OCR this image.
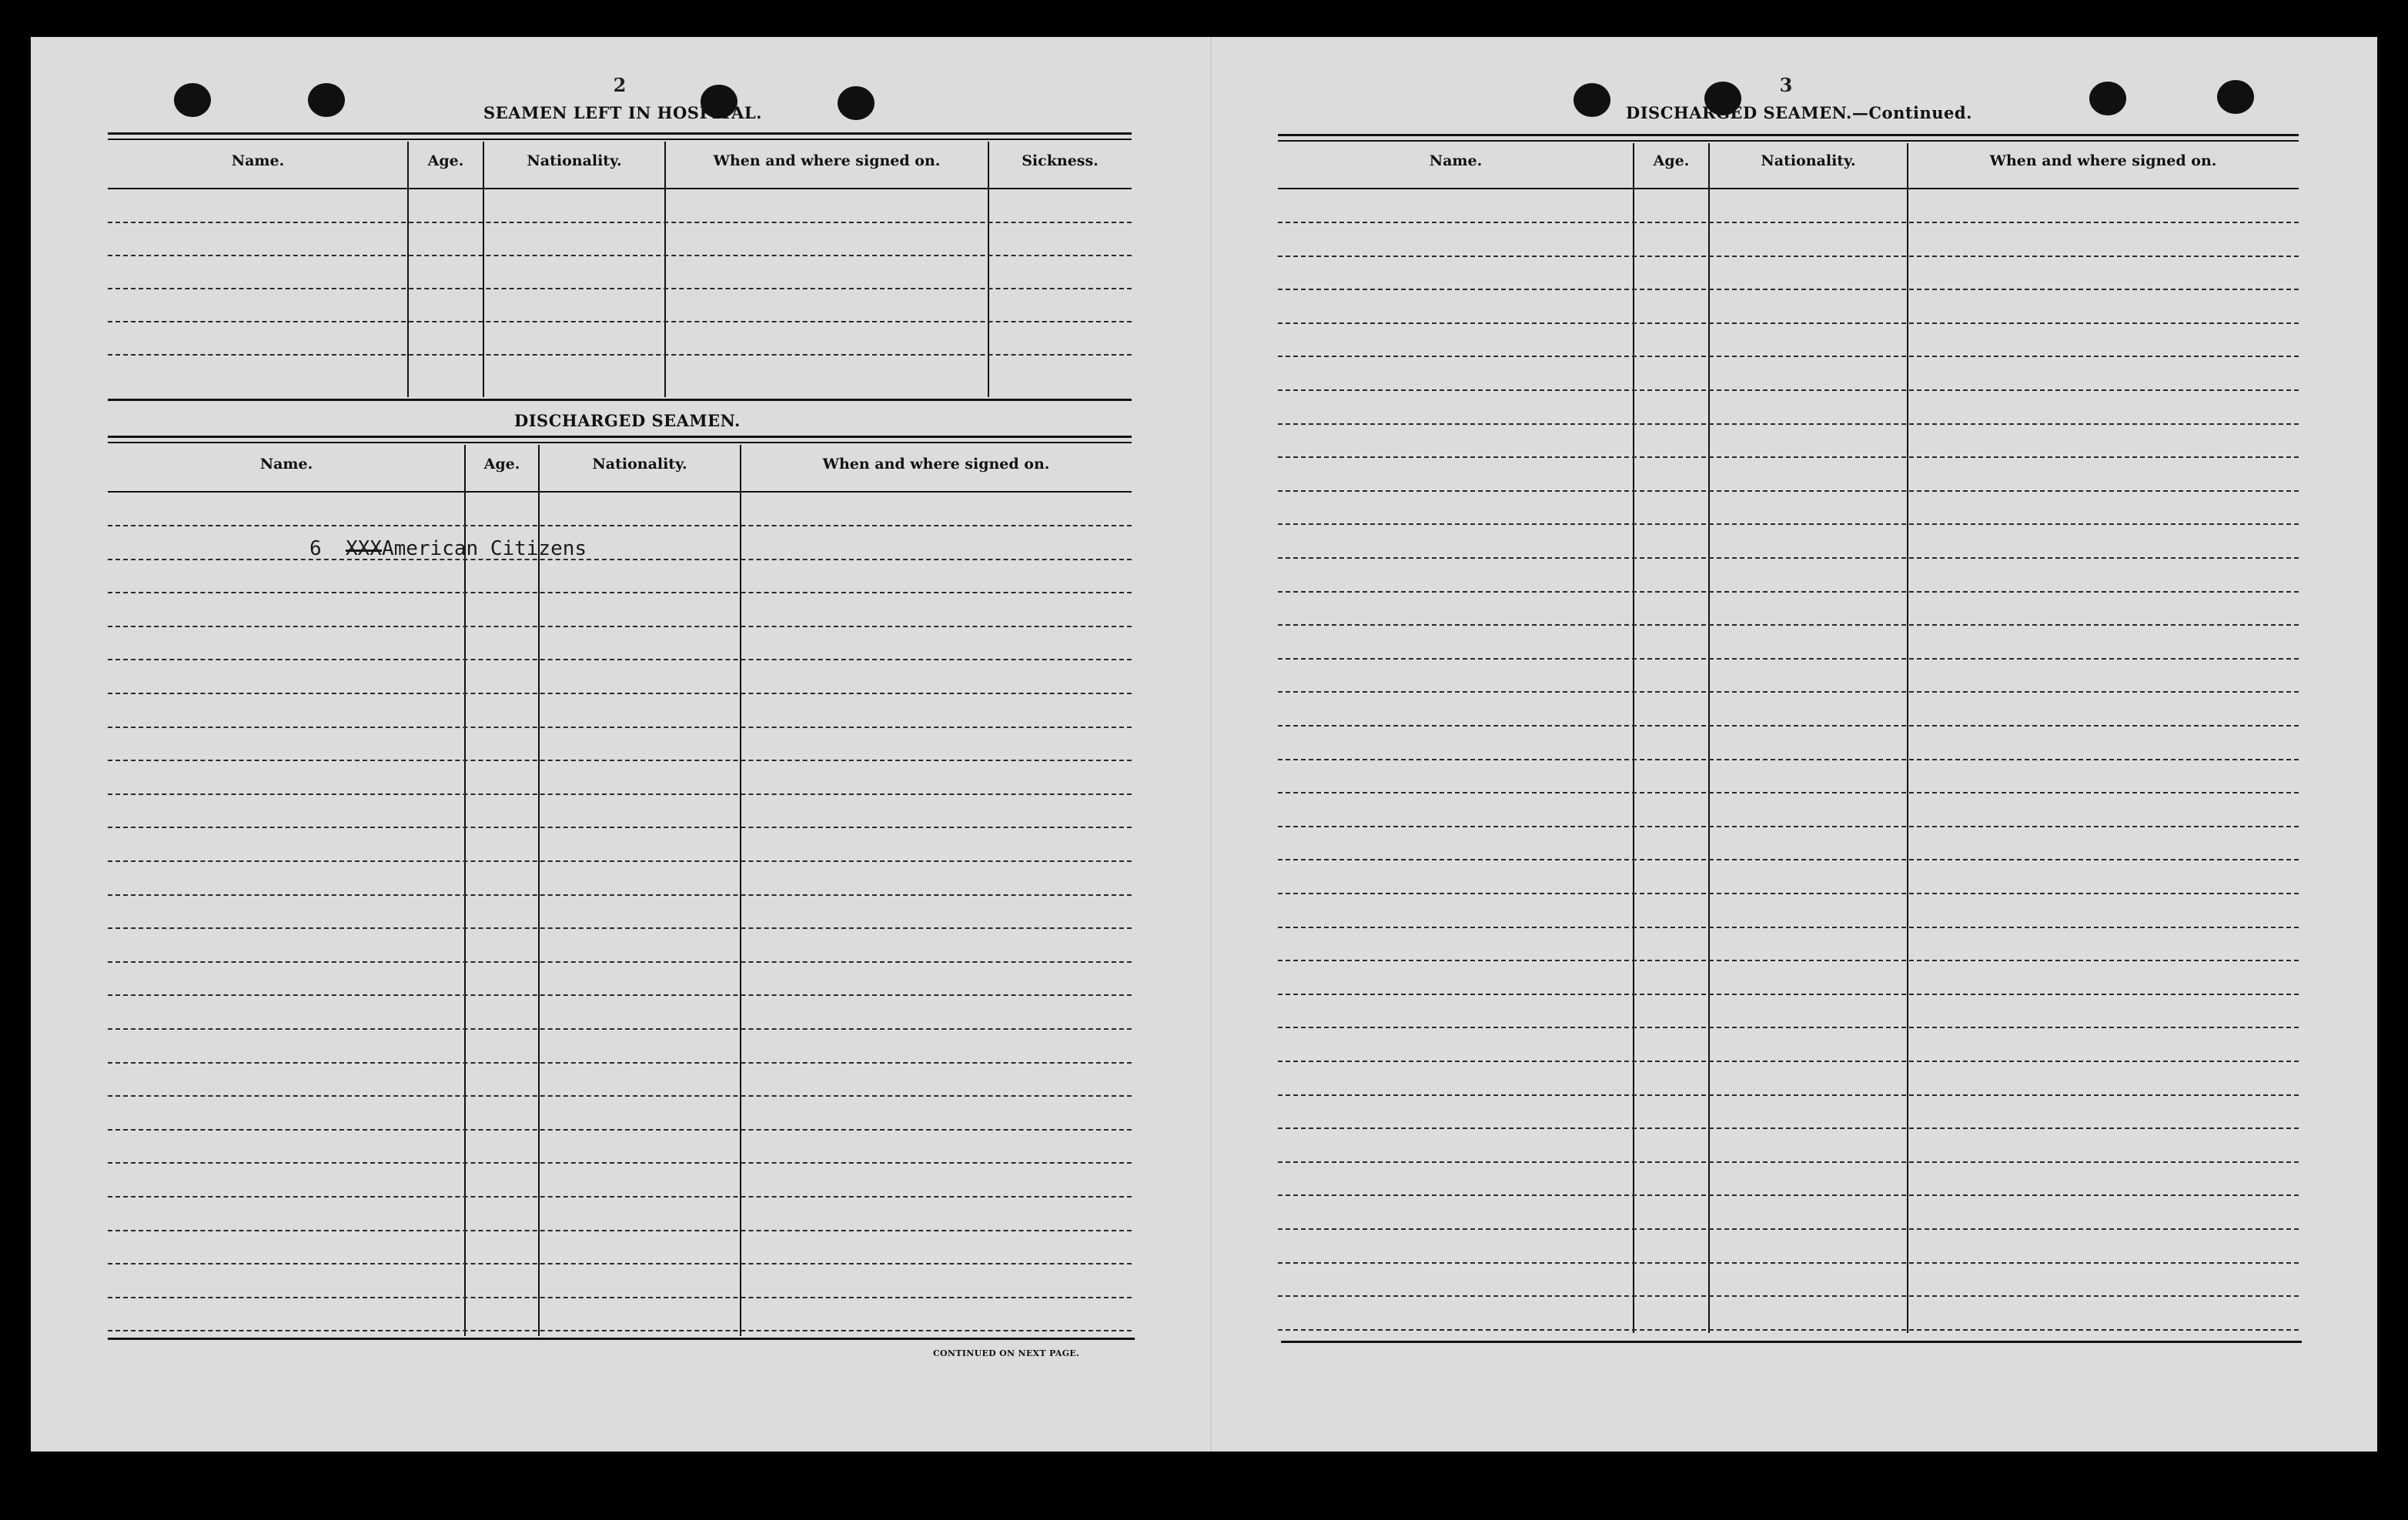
2
SEAMEN LEFT IN HOSPITAL.
Name.	Age.	Nationality.	When and where signed on.	Sickness.
DISCHARGED SEAMEN.
Name.	Age.	Nationality.	When and where signed on.
6 XXXAmerican Citizens
CONTINUED ON NEXT PAGE.
3
DISCHARGED SEAMEN.—Continued.
Name.	Age.	Nationality.	When and where signed on.
